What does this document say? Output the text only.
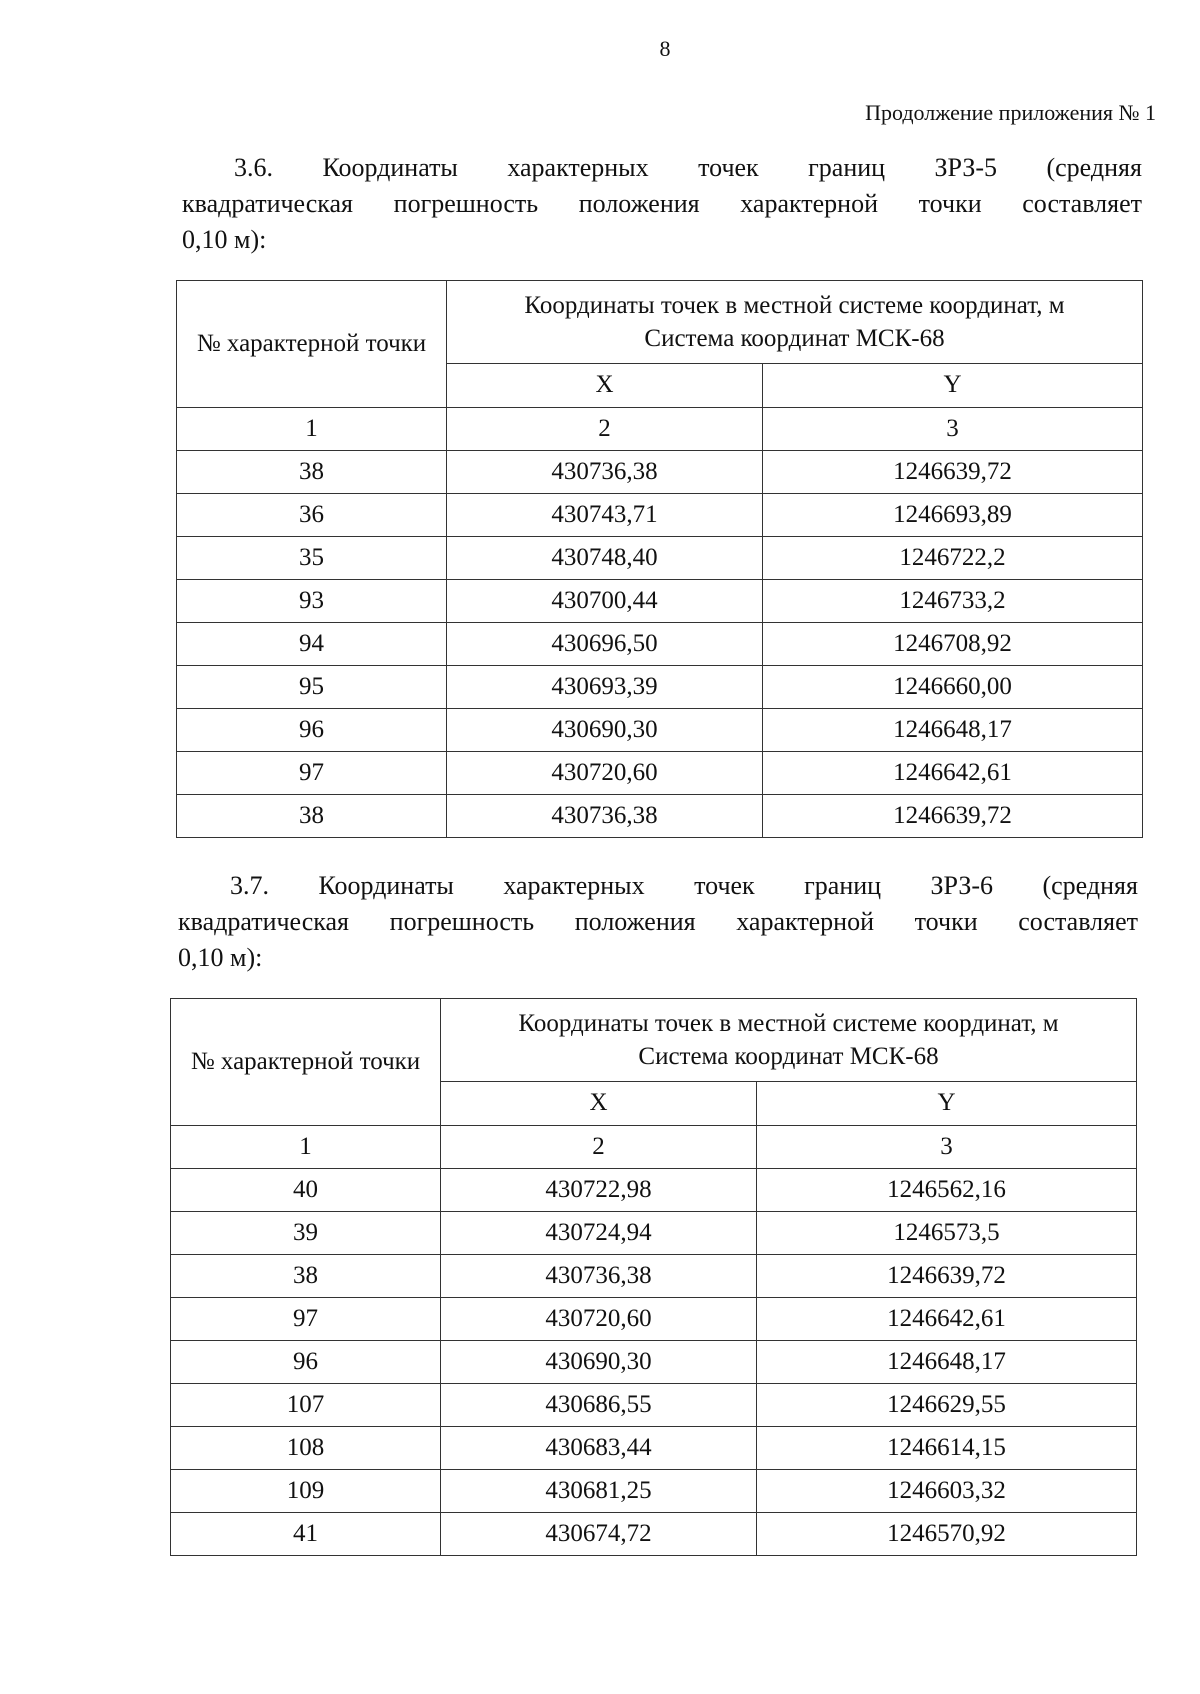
8
Продолжение приложения № 1
3.6. Координаты характерных точек границ ЗРЗ-5 (средняя
квадратическая погрешность положения характерной точки составляет
0,10 м):
№ характерной точки	Координаты точек в местной системе координат, м
Система координат МСК-68	

	X	Y
1	2	3
38	430736,38	1246639,72
36	430743,71	1246693,89
35	430748,40	1246722,2
93	430700,44	1246733,2
94	430696,50	1246708,92
95	430693,39	1246660,00
96	430690,30	1246648,17
97	430720,60	1246642,61
38	430736,38	1246639,72
3.7. Координаты характерных точек границ ЗРЗ-6 (средняя
квадратическая погрешность положения характерной точки составляет
0,10 м):
№ характерной точки	Координаты точек в местной системе координат, м
Система координат МСК-68	

	X	Y
1	2	3
40	430722,98	1246562,16
39	430724,94	1246573,5
38	430736,38	1246639,72
97	430720,60	1246642,61
96	430690,30	1246648,17
107	430686,55	1246629,55
108	430683,44	1246614,15
109	430681,25	1246603,32
41	430674,72	1246570,92
